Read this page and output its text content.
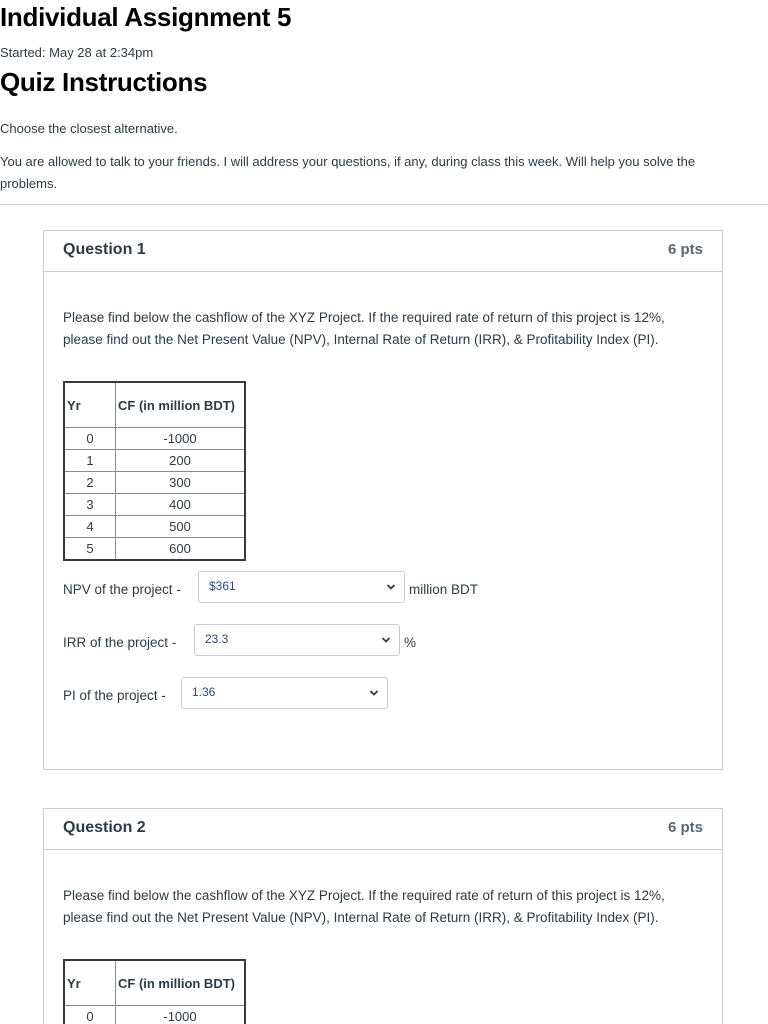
Individual Assignment 5
Started: May 28 at 2:34pm
Quiz Instructions
Choose the closest alternative.
You are allowed to talk to your friends. I will address your questions, if any, during class this week. Will help you solve the problems.
Question 1	6 pts
Please find below the cashflow of the XYZ Project. If the required rate of return of this project is 12%, please find out the Net Present Value (NPV), Internal Rate of Return (IRR), & Profitability Index (PI).
Yr	CF (in million BDT)
0	-1000
1	200
2	300
3	400
4	500
5	600
NPV of the project - $361	million BDT
IRR of the project - 23.3	%
PI of the project - 1.36
Question 2	6 pts
Please find below the cashflow of the XYZ Project. If the required rate of return of this project is 12%, please find out the Net Present Value (NPV), Internal Rate of Return (IRR), & Profitability Index (PI).
Yr	CF (in million BDT)
0	-1000
